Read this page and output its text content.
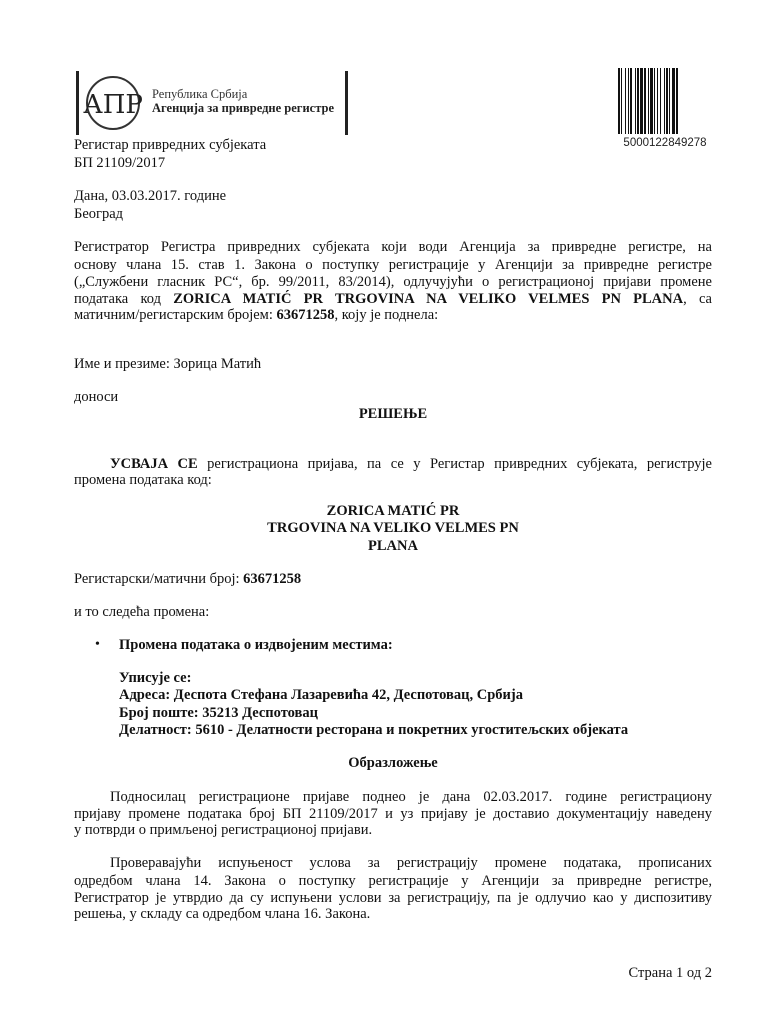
АПР Република Србија
Агенција за привредне регистре
5000122849278
Регистар привредних субјеката
БП 21109/2017
Дана, 03.03.2017. године
Београд
Регистратор Регистра привредних субјеката који води Агенција за привредне регистре, на
основу члана 15. став 1. Закона о поступку регистрације у Агенцији за привредне регистре
(„Службени гласник РС“, бр. 99/2011, 83/2014), одлучујући о регистрационој пријави промене
података код ZORICA MATIĆ PR TRGOVINA NA VELIKO VELMES PN PLANA, са
матичним/регистарским бројем: 63671258, коју је поднела:
Име и презиме: Зорица Матић
доноси
РЕШЕЊЕ
УСВАЈА СЕ регистрациона пријава, па се у Регистар привредних субјеката, региструје
промена података код:
ZORICA MATIĆ PR
TRGOVINA NA VELIKO VELMES PN
PLANA
Регистарски/матични број: 63671258
и то следећа промена:
• Промена података о издвојеним местима:
Уписује се:
Адреса: Деспота Стефана Лазаревића 42, Деспотовац, Србија
Број поште: 35213 Деспотовац
Делатност: 5610 - Делатности ресторана и покретних угоститељских објеката
Образложење
Подносилац регистрационе пријаве поднео је дана 02.03.2017. године регистрациону
пријаву промене података број БП 21109/2017 и уз пријаву је доставио документацију наведену
у потврди о примљеној регистрационој пријави.
Проверавајући испуњеност услова за регистрацију промене података, прописаних
одредбом члана 14. Закона о поступку регистрације у Агенцији за привредне регистре,
Регистратор је утврдио да су испуњени услови за регистрацију, па је одлучио као у диспозитиву
решења, у складу са одредбом члана 16. Закона.
Страна 1 од 2
